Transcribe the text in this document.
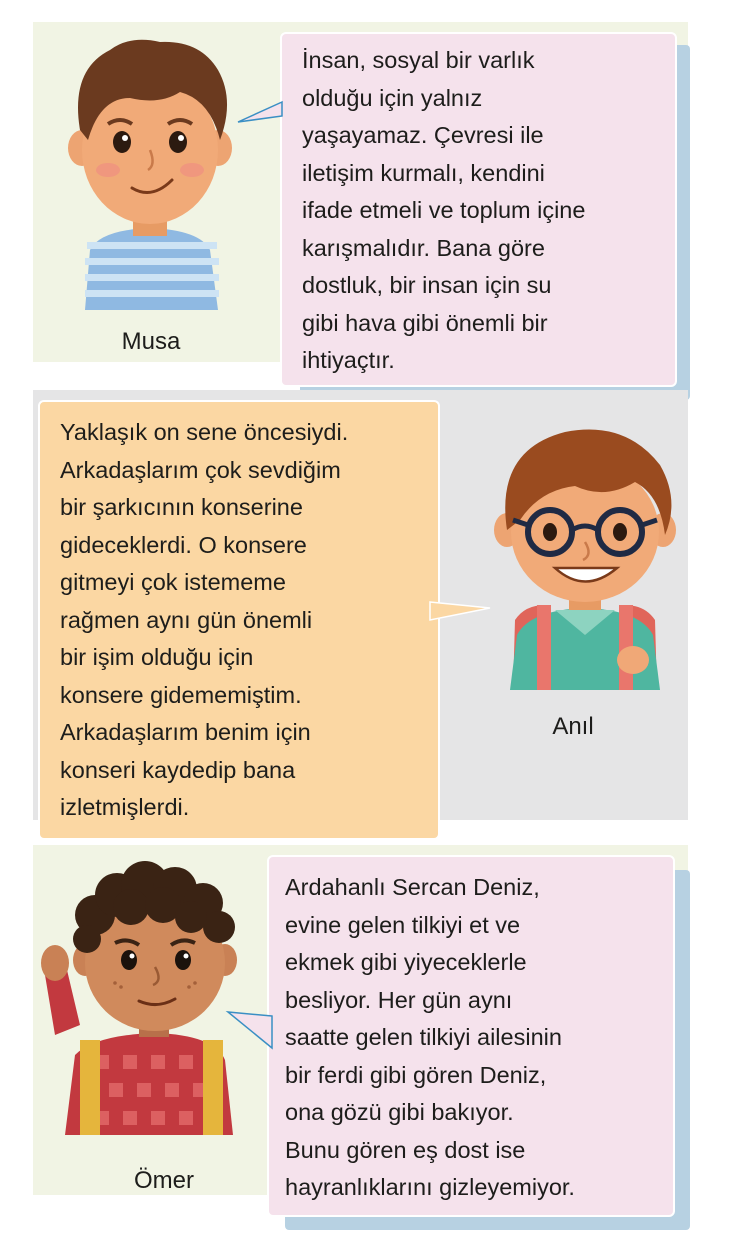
İnsan, sosyal bir varlık
olduğu için yalnız
yaşayamaz. Çevresi ile
iletişim kurmalı, kendini
ifade etmeli ve toplum içine
karışmalıdır. Bana göre
dostluk, bir insan için su
gibi hava gibi önemli bir
ihtiyaçtır.

Musa

Yaklaşık on sene öncesiydi.
Arkadaşlarım çok sevdiğim
bir şarkıcının konserine
gideceklerdi. O konsere
gitmeyi çok istememe
rağmen aynı gün önemli
bir işim olduğu için
konsere gidememiştim.
Arkadaşlarım benim için
konseri kaydedip bana
izletmişlerdi.

Anıl

Ardahanlı Sercan Deniz,
evine gelen tilkiyi et ve
ekmek gibi yiyeceklerle
besliyor. Her gün aynı
saatte gelen tilkiyi ailesinin
bir ferdi gibi gören Deniz,
ona gözü gibi bakıyor.
Bunu gören eş dost ise
hayranlıklarını gizleyemiyor.

Ömer
